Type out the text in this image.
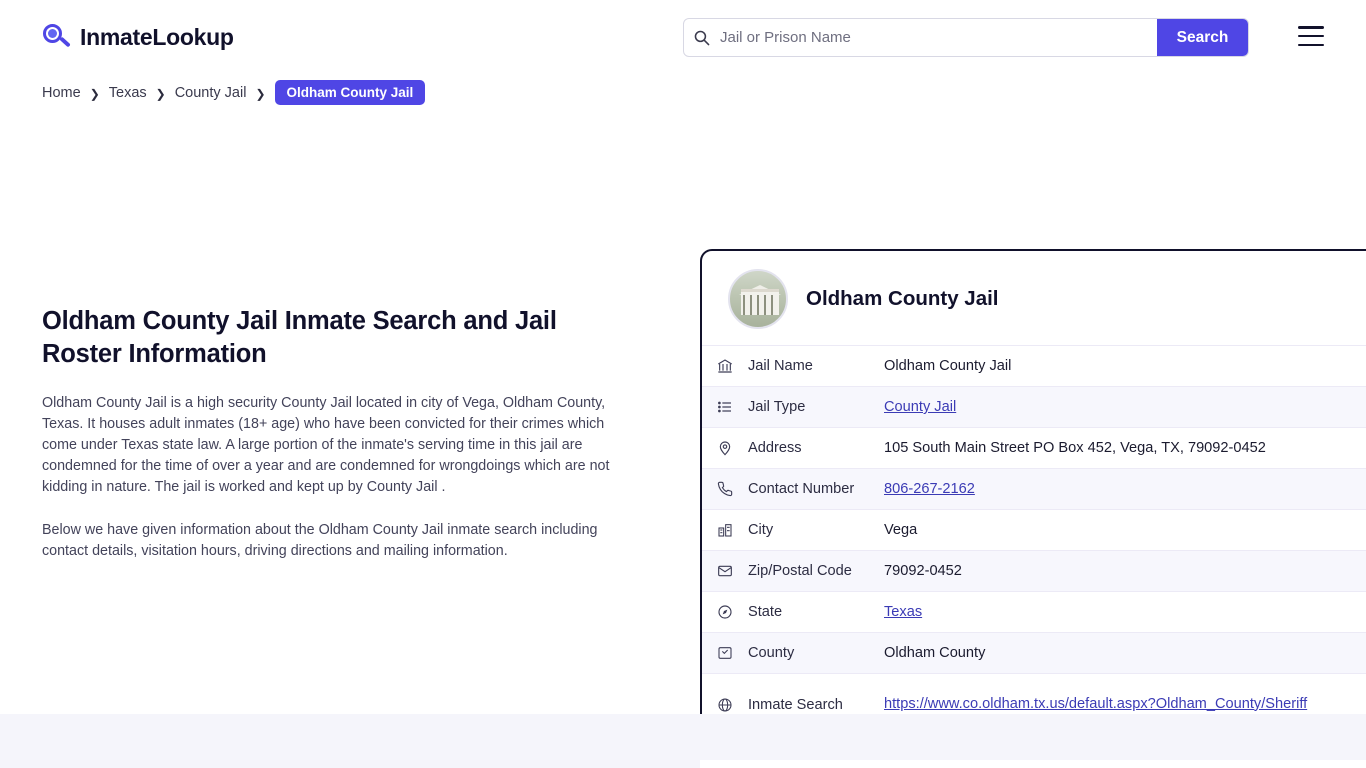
InmateLookup
Jail or Prison Name	Search
Home ❯ Texas ❯ County Jail ❯	Oldham County Jail
Oldham County Jail Inmate Search and Jail Roster Information

Oldham County Jail is a high security County Jail located in city of Vega, Oldham County, Texas. It houses adult inmates (18+ age) who have been convicted for their crimes which come under Texas state law. A large portion of the inmate's serving time in this jail are condemned for the time of over a year and are condemned for wrongdoings which are not kidding in nature. The jail is worked and kept up by County Jail .

Below we have given information about the Oldham County Jail inmate search including contact details, visitation hours, driving directions and mailing information.

Oldham County Jail
Jail Name	Oldham County Jail
Jail Type	County Jail
Address	105 South Main Street PO Box 452, Vega, TX, 79092-0452
Contact Number	806-267-2162
City	Vega
Zip/Postal Code	79092-0452
State	Texas
County	Oldham County
Inmate Search	https://www.co.oldham.tx.us/default.aspx?Oldham_County/Sheriff
